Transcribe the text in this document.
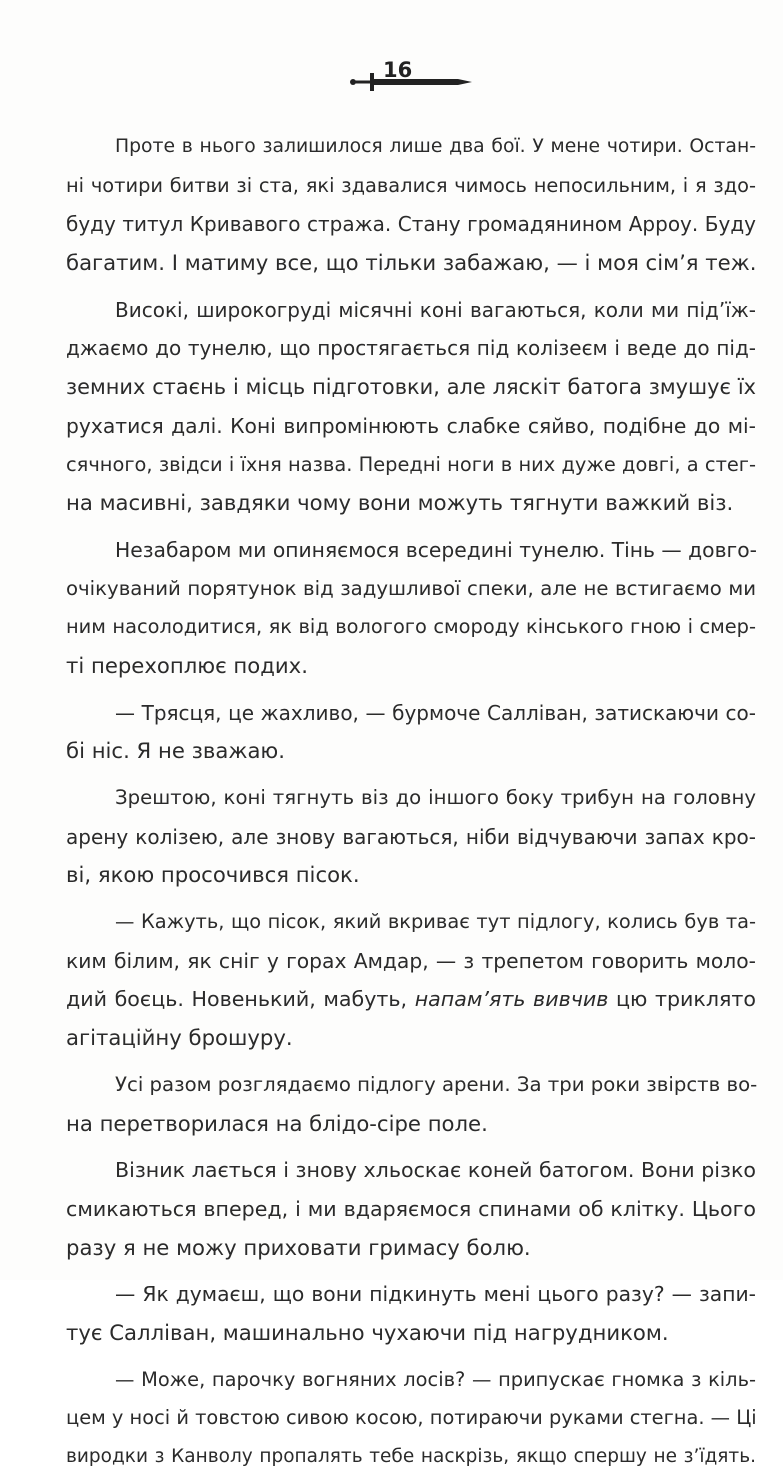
16
Проте в нього залишилося лише два бої. У мене чотири. Остан-
ні чотири битви зі ста, які здавалися чимось непосильним, і я здо-
буду титул Кривавого стража. Стану громадянином Арроу. Буду
багатим. І матиму все, що тільки забажаю, — і моя сім’я теж.
Високі, широкогруді місячні коні вагаються, коли ми під’їж-
джаємо до тунелю, що простягається під колізеєм і веде до під-
земних стаєнь і місць підготовки, але ляскіт батога змушує їх
рухатися далі. Коні випромінюють слабке сяйво, подібне до мі-
сячного, звідси і їхня назва. Передні ноги в них дуже довгі, а стег-
на масивні, завдяки чому вони можуть тягнути важкий віз.
Незабаром ми опиняємося всередині тунелю. Тінь — довго-
очікуваний порятунок від задушливої спеки, але не встигаємо ми
ним насолодитися, як від вологого смороду кінського гною і смер-
ті перехоплює подих.
— Трясця, це жахливо, — бурмоче Салліван, затискаючи со-
бі ніс. Я не зважаю.
Зрештою, коні тягнуть віз до іншого боку трибун на головну
арену колізею, але знову вагаються, ніби відчуваючи запах кро-
ві, якою просочився пісок.
— Кажуть, що пісок, який вкриває тут підлогу, колись був та-
ким білим, як сніг у горах Амдар, — з трепетом говорить моло-
дий боєць. Новенький, мабуть, напам’ять вивчив цю триклято
агітаційну брошуру.
Усі разом розглядаємо підлогу арени. За три роки звірств во-
на перетворилася на блідо-сіре поле.
Візник лається і знову хльоскає коней батогом. Вони різко
смикаються вперед, і ми вдаряємося спинами об клітку. Цього
разу я не можу приховати гримасу болю.
— Як думаєш, що вони підкинуть мені цього разу? — запи-
тує Салліван, машинально чухаючи під нагрудником.
— Може, парочку вогняних лосів? — припускає гномка з кіль-
цем у носі й товстою сивою косою, потираючи руками стегна. — Ці
виродки з Канволу пропалять тебе наскрізь, якщо спершу не з’їдять.
